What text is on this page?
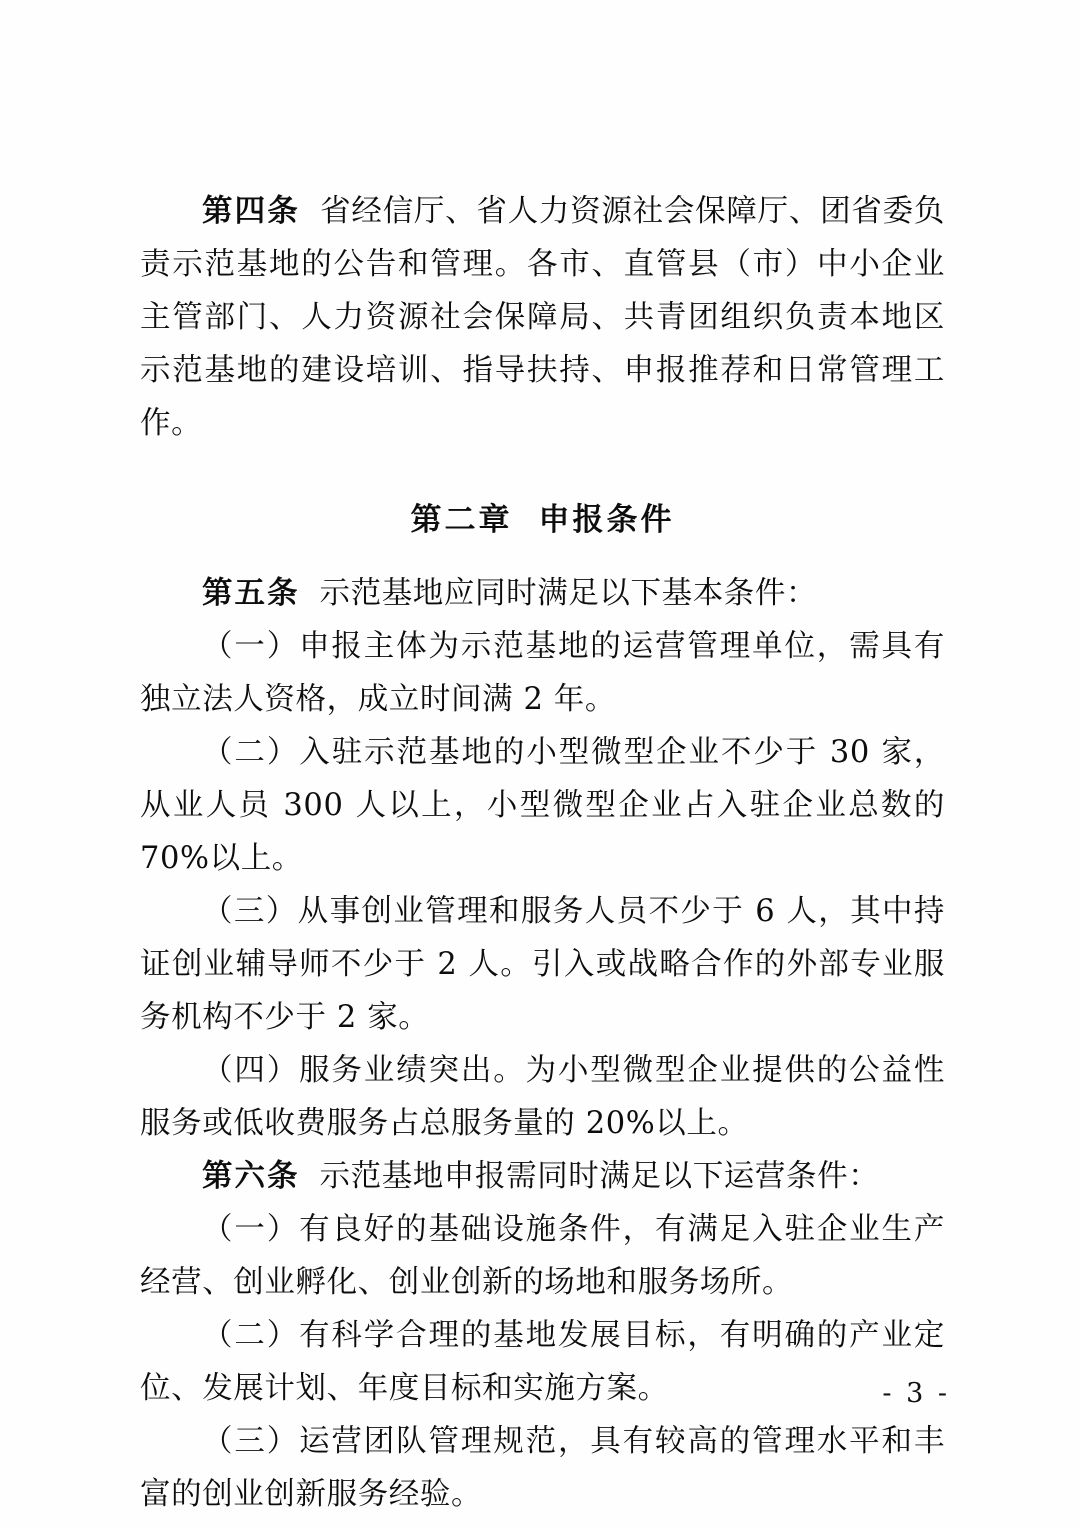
第四条 省经信厅、省人力资源社会保障厅、团省委负责示范基地的公告和管理。各市、直管县（市）中小企业主管部门、人力资源社会保障局、共青团组织负责本地区示范基地的建设培训、指导扶持、申报推荐和日常管理工作。

第二章 申报条件

第五条 示范基地应同时满足以下基本条件：

（一）申报主体为示范基地的运营管理单位，需具有独立法人资格，成立时间满 2 年。

（二）入驻示范基地的小型微型企业不少于 30 家，从业人员 300 人以上，小型微型企业占入驻企业总数的 70%以上。

（三）从事创业管理和服务人员不少于 6 人，其中持证创业辅导师不少于 2 人。引入或战略合作的外部专业服务机构不少于 2 家。

（四）服务业绩突出。为小型微型企业提供的公益性服务或低收费服务占总服务量的 20%以上。

第六条 示范基地申报需同时满足以下运营条件：

（一）有良好的基础设施条件，有满足入驻企业生产经营、创业孵化、创业创新的场地和服务场所。

（二）有科学合理的基地发展目标，有明确的产业定位、发展计划、年度目标和实施方案。

（三）运营团队管理规范，具有较高的管理水平和丰富的创业创新服务经验。

- 3 -
